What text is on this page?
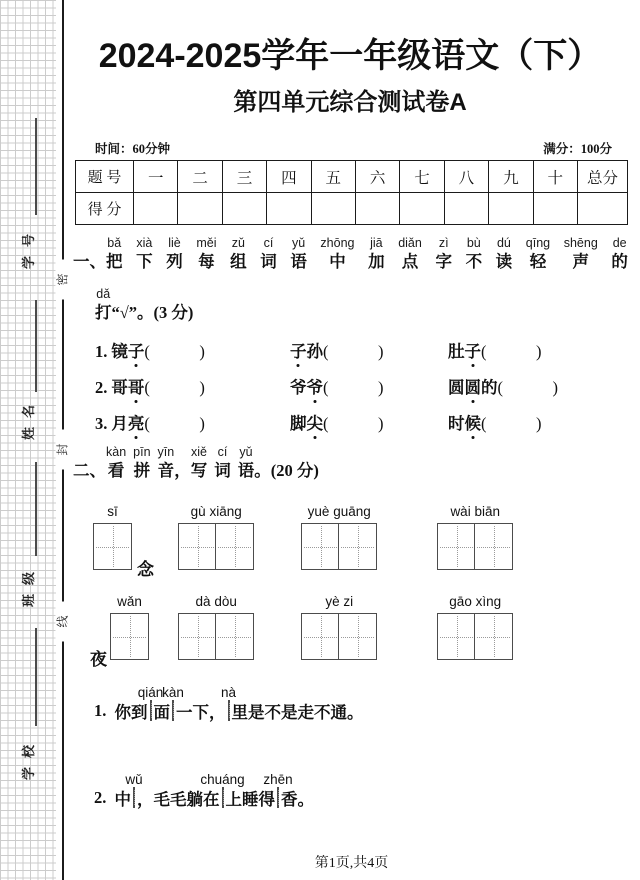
学号
姓名
班级
学校
密
封
线
2024-2025学年一年级语文（下）
第四单元综合测试卷A
时间：60分钟	满分：100分
题 号	一	二	三	四	五	六	七	八	九	十	总分
得 分											
一、
bǎ
把
xià
下
liè
列
měi
每
zǔ
组
cí
词
yǔ
语
zhōng
中
jiā
加
diǎn
点
zì
字
bù
不
dú
读
qīng
轻
shēng
声
de
的
dǎ
打 “√”。(3 分)
1. 镜子(　　　)	子孙(　　　)	肚子(　　　)
2. 哥哥(　　　)	爷爷(　　　)	圆圆的(　　　)
3. 月亮(　　　)	脚尖(　　　)	时候(　　　)
二、
kàn
看
pīn
拼
yīn
音 ，
xiě
写
cí
词
yǔ
语 。(20 分)
sī
念
gù xiāng	yuè guāng	wài biān
wǎn
夜
dà dòu	yè zi	gāo xìng
1. 你到
qián
面
kàn
一下，
nà
里是不是走不通。
2. 中
wǔ
，毛毛躺在
chuáng
上睡得
zhēn
香。
第1页,共4页
